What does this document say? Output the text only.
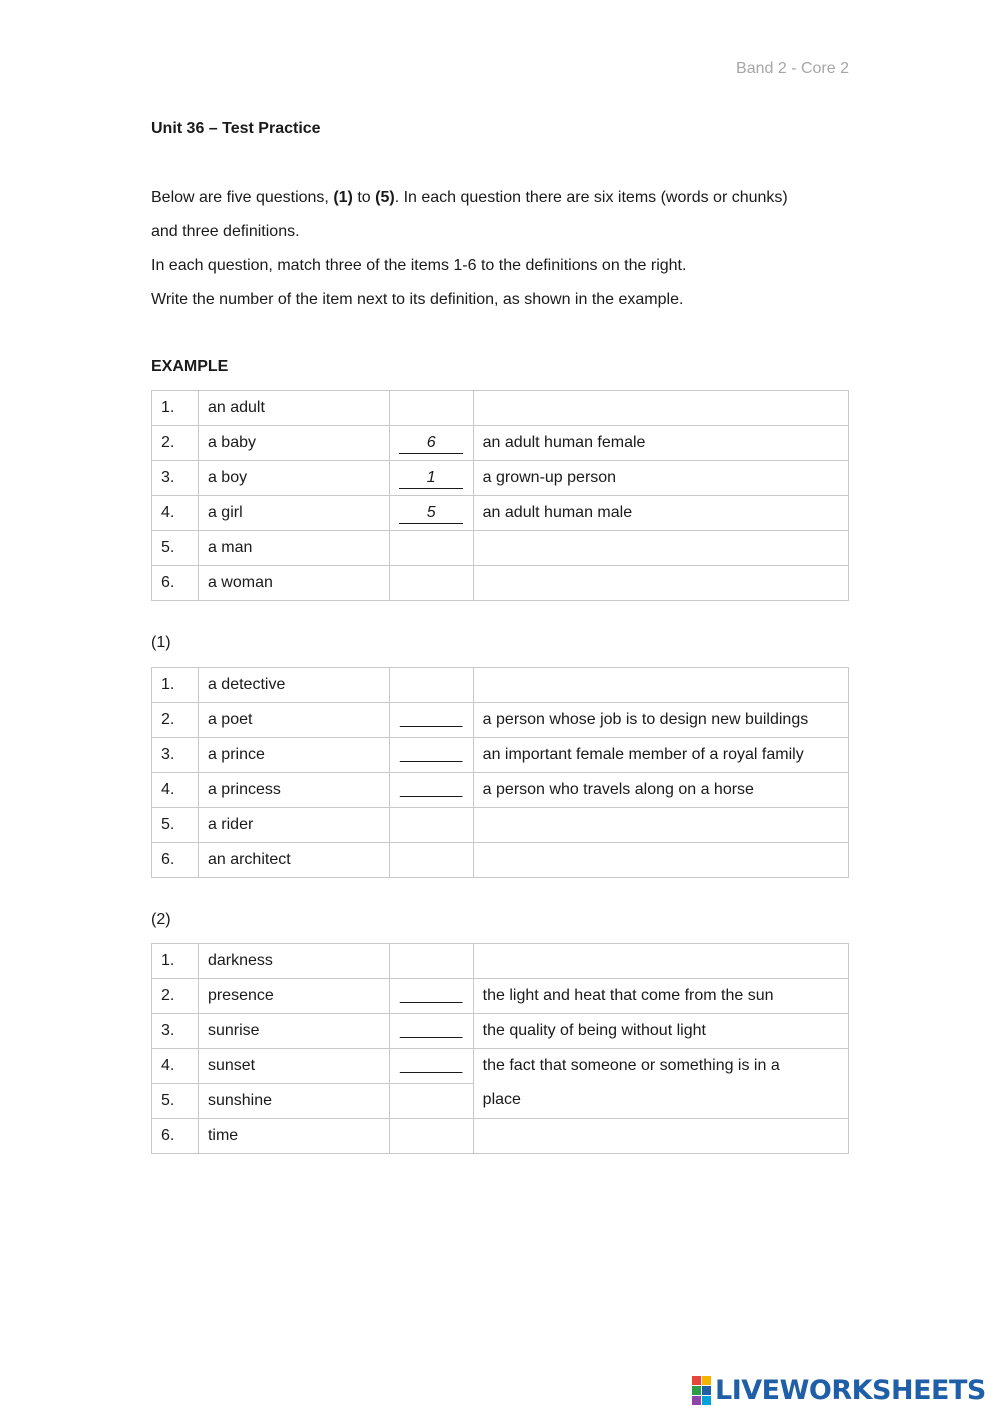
Band 2 - Core 2
Unit 36 – Test Practice

Below are five questions, (1) to (5). In each question there are six items (words or chunks)

and three definitions.

In each question, match three of the items 1-6 to the definitions on the right.

Write the number of the item next to its definition, as shown in the example.

EXAMPLE
1.	an adult		
2.	a baby	6	an adult human female
3.	a boy	1	a grown-up person
4.	a girl	5	an adult human male
5.	a man		
6.	a woman		
(1)
1.	a detective		
2.	a poet	_______	a person whose job is to design new buildings
3.	a prince	_______	an important female member of a royal family
4.	a princess	_______	a person who travels along on a horse
5.	a rider		
6.	an architect		
(2)
1.	darkness		
2.	presence	_______	the light and heat that come from the sun
3.	sunrise	_______	the quality of being without light
4.	sunset	_______	the fact that someone or something is in a
place
5.	sunshine		
6.	time		
LIVEWORKSHEETS
